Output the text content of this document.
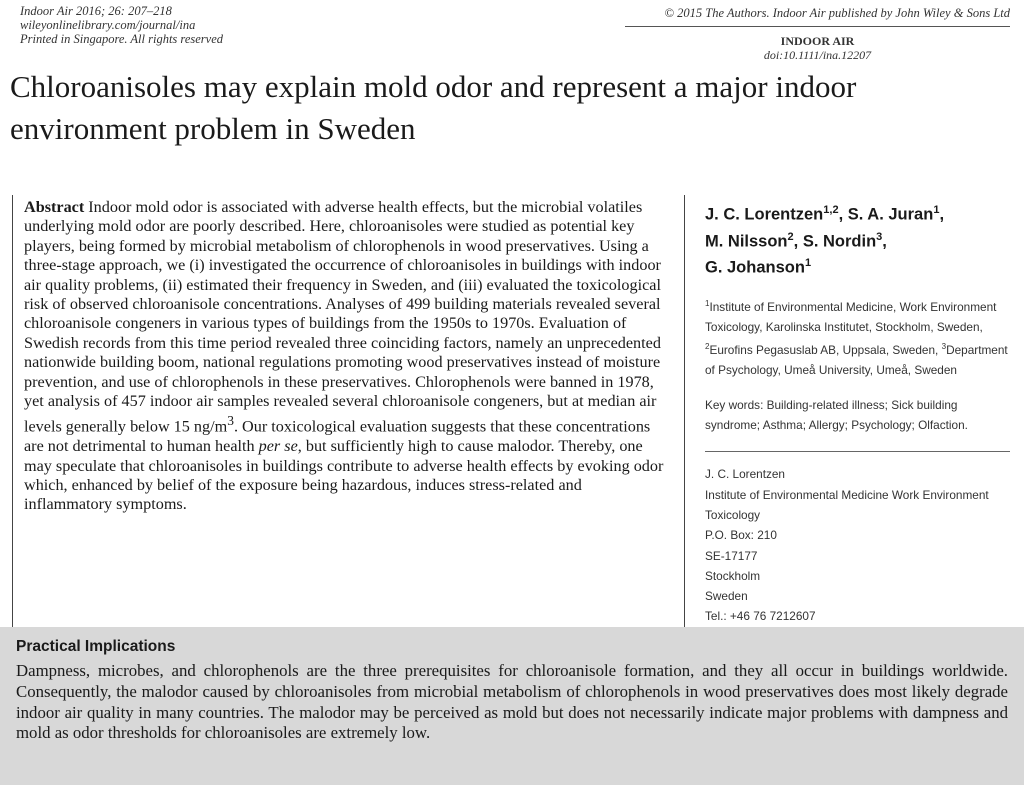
Indoor Air 2016; 26: 207–218
wileyonlinelibrary.com/journal/ina
Printed in Singapore. All rights reserved
© 2015 The Authors. Indoor Air published by John Wiley & Sons Ltd
INDOOR AIR
doi:10.1111/ina.12207
Chloroanisoles may explain mold odor and represent a major indoor environment problem in Sweden

Abstract Indoor mold odor is associated with adverse health effects, but the microbial volatiles underlying mold odor are poorly described. Here, chloroanisoles were studied as potential key players, being formed by microbial metabolism of chlorophenols in wood preservatives. Using a three-stage approach, we (i) investigated the occurrence of chloroanisoles in buildings with indoor air quality problems, (ii) estimated their frequency in Sweden, and (iii) evaluated the toxicological risk of observed chloroanisole concentrations. Analyses of 499 building materials revealed several chloroanisole congeners in various types of buildings from the 1950s to 1970s. Evaluation of Swedish records from this time period revealed three coinciding factors, namely an unprecedented nationwide building boom, national regulations promoting wood preservatives instead of moisture prevention, and use of chlorophenols in these preservatives. Chlorophenols were banned in 1978, yet analysis of 457 indoor air samples revealed several chloroanisole congeners, but at median air levels generally below 15 $ng/m^3$. Our toxicological evaluation suggests that these concentrations are not detrimental to human health per se, but sufficiently high to cause malodor. Thereby, one may speculate that chloroanisoles in buildings contribute to adverse health effects by evoking odor which, enhanced by belief of the exposure being hazardous, induces stress-related and inflammatory symptoms.

J. C. Lorentzen$^{1,2}$, S. A. Juran$^1$,
M. Nilsson$^2$, S. Nordin$^3$,
G. Johanson$^1$
$^1$Institute of Environmental Medicine, Work Environment Toxicology, Karolinska Institutet, Stockholm, Sweden, $^2$Eurofins Pegasuslab AB, Uppsala, Sweden, $^3$Department of Psychology, Umeå University, Umeå, Sweden
Key words: Building-related illness; Sick building syndrome; Asthma; Allergy; Psychology; Olfaction.
J. C. Lorentzen
Institute of Environmental Medicine Work Environment
Toxicology
P.O. Box: 210
SE-17177
Stockholm
Sweden
Tel.: +46 76 7212607
Practical Implications

Dampness, microbes, and chlorophenols are the three prerequisites for chloroanisole formation, and they all occur in buildings worldwide. Consequently, the malodor caused by chloroanisoles from microbial metabolism of chlorophenols in wood preservatives does most likely degrade indoor air quality in many countries. The malodor may be perceived as mold but does not necessarily indicate major problems with dampness and mold as odor thresholds for chloroanisoles are extremely low.
